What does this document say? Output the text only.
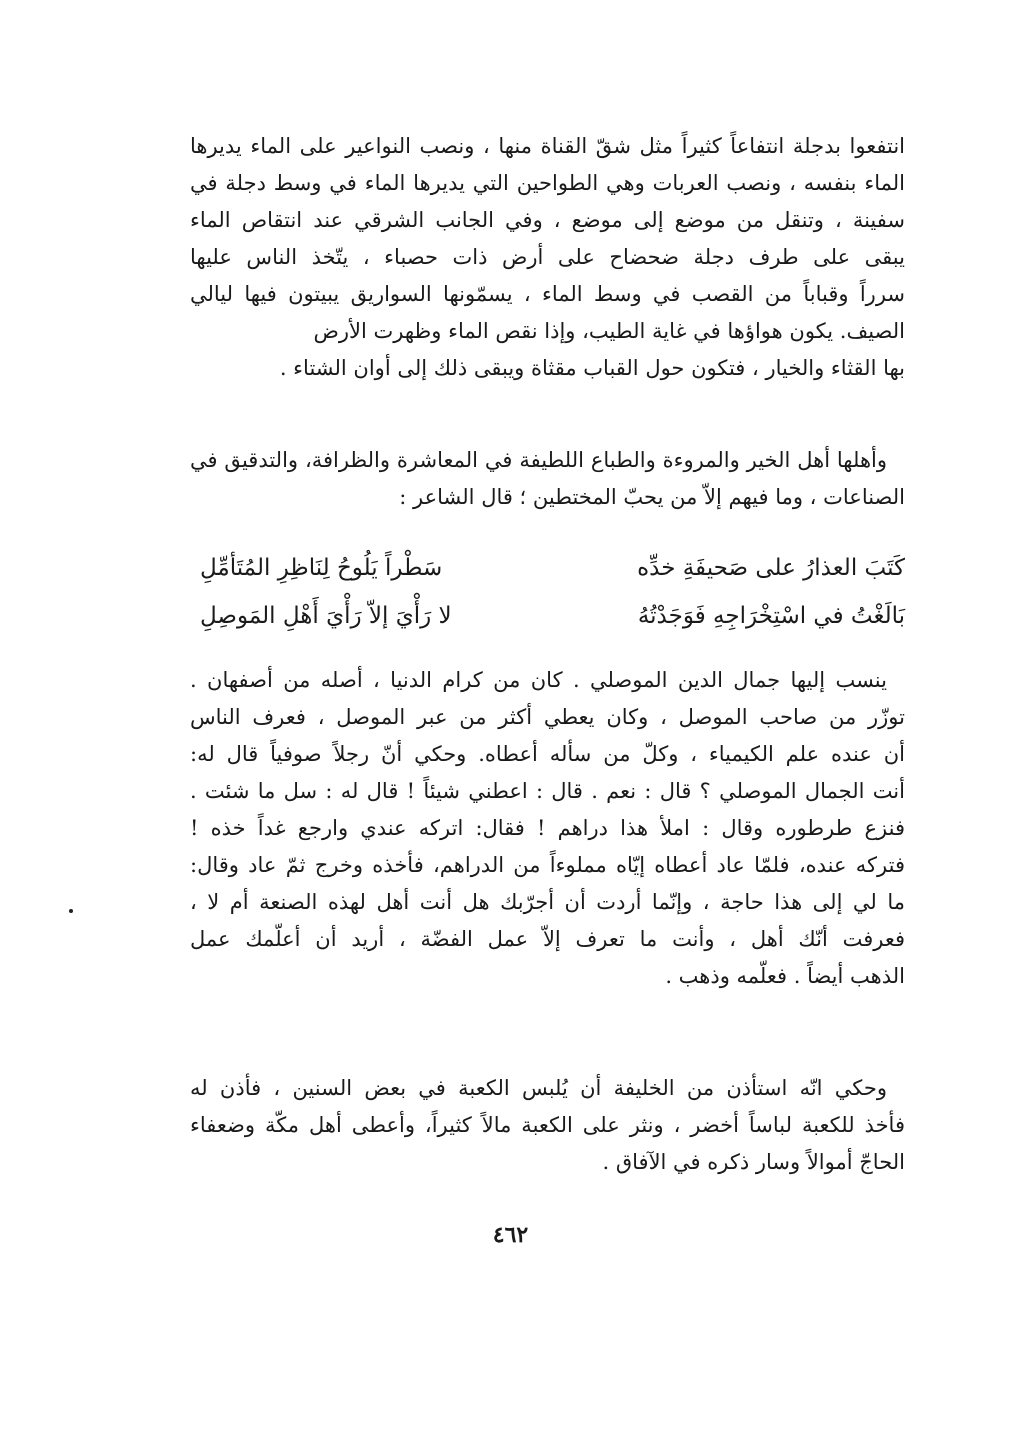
انتفعوا بدجلة انتفاعاً كثيراً مثل شقّ القناة منها ، ونصب النواعير على الماء يديرها
الماء بنفسه ، ونصب العربات وهي الطواحين التي يديرها الماء في وسط دجلة في
سفينة ، وتنقل من موضع إلى موضع ، وفي الجانب الشرقي عند انتقاص الماء
يبقى على طرف دجلة ضحضاح على أرض ذات حصباء ، يتّخذ الناس عليها
سرراً وقباباً من القصب في وسط الماء ، يسمّونها السواريق يبيتون فيها ليالي
الصيف. يكون هواؤها في غاية الطيب، وإذا نقص الماء وظهرت الأرض
بها القثاء والخيار ، فتكون حول القباب مقثاة ويبقى ذلك إلى أوان الشتاء .
وأهلها أهل الخير والمروءة والطباع اللطيفة في المعاشرة والظرافة، والتدقيق في
الصناعات ، وما فيهم إلاّ من يحبّ المختطين ؛ قال الشاعر :
كَتَبَ العذارُ على صَحيفَةِ خدِّه
سَطْراً يَلُوحُ لِنَاظِرِ المُتَأمِّلِ
بَالَغْتُ في اسْتِخْرَاجِهِ فَوَجَدْتُهُ
لا رَأْيَ إلاّ رَأْيَ أَهْلِ المَوصِلِ
ينسب إليها جمال الدين الموصلي . كان من كرام الدنيا ، أصله من أصفهان .
توزّر من صاحب الموصل ، وكان يعطي أكثر من عبر الموصل ، فعرف الناس
أن عنده علم الكيمياء ، وكلّ من سأله أعطاه. وحكي أنّ رجلاً صوفياً قال له:
أنت الجمال الموصلي ؟ قال : نعم . قال : اعطني شيئاً ! قال له : سل ما شئت .
فنزع طرطوره وقال : املأ هذا دراهم ! فقال: اتركه عندي وارجع غداً خذه !
فتركه عنده، فلمّا عاد أعطاه إيّاه مملوءاً من الدراهم، فأخذه وخرج ثمّ عاد وقال:
ما لي إلى هذا حاجة ، وإنّما أردت أن أجرّبك هل أنت أهل لهذه الصنعة أم لا ،
فعرفت أنّك أهل ، وأنت ما تعرف إلاّ عمل الفضّة ، أريد أن أعلّمك عمل
الذهب أيضاً . فعلّمه وذهب .
وحكي انّه استأذن من الخليفة أن يُلبس الكعبة في بعض السنين ، فأذن له
فأخذ للكعبة لباساً أخضر ، ونثر على الكعبة مالاً كثيراً، وأعطى أهل مكّة وضعفاء
الحاجّ أموالاً وسار ذكره في الآفاق .
٤٦٢
